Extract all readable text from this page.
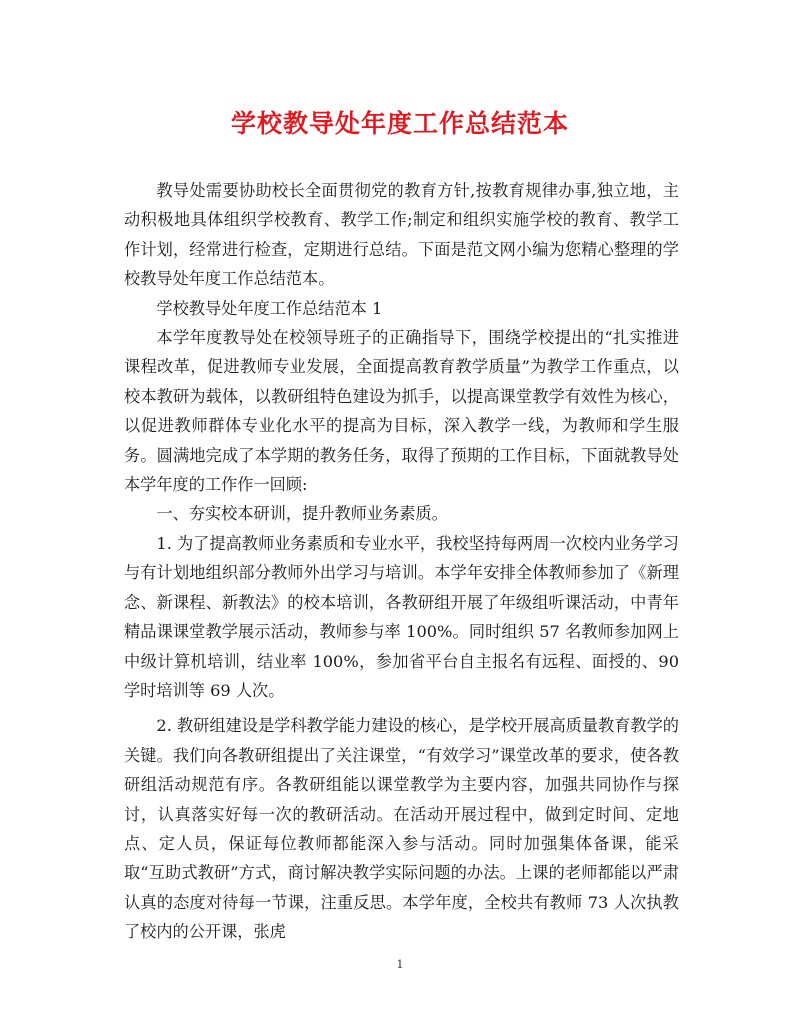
学校教导处年度工作总结范本

教导处需要协助校长全面贯彻党的教育方针,按教育规律办事,独立地，主动积极地具体组织学校教育、教学工作;制定和组织实施学校的教育、教学工作计划，经常进行检查，定期进行总结。下面是范文网小编为您精心整理的学校教导处年度工作总结范本。

学校教导处年度工作总结范本 1

本学年度教导处在校领导班子的正确指导下，围绕学校提出的“扎实推进课程改革，促进教师专业发展，全面提高教育教学质量”为教学工作重点，以校本教研为载体，以教研组特色建设为抓手，以提高课堂教学有效性为核心，以促进教师群体专业化水平的提高为目标，深入教学一线，为教师和学生服务。圆满地完成了本学期的教务任务，取得了预期的工作目标，下面就教导处本学年度的工作作一回顾:

一、夯实校本研训，提升教师业务素质。

1. 为了提高教师业务素质和专业水平，我校坚持每两周一次校内业务学习与有计划地组织部分教师外出学习与培训。本学年安排全体教师参加了《新理念、新课程、新教法》的校本培训，各教研组开展了年级组听课活动，中青年精品课课堂教学展示活动，教师参与率 100%。同时组织 57 名教师参加网上中级计算机培训，结业率 100%，参加省平台自主报名有远程、面授的、90 学时培训等 69 人次。

2. 教研组建设是学科教学能力建设的核心，是学校开展高质量教育教学的关键。我们向各教研组提出了关注课堂，“有效学习”课堂改革的要求，使各教研组活动规范有序。各教研组能以课堂教学为主要内容，加强共同协作与探讨，认真落实好每一次的教研活动。在活动开展过程中，做到定时间、定地点、定人员，保证每位教师都能深入参与活动。同时加强集体备课，能采取“互助式教研”方式，商讨解决教学实际问题的办法。上课的老师都能以严肃认真的态度对待每一节课，注重反思。本学年度，全校共有教师 73 人次执教了校内的公开课，张虎

1
